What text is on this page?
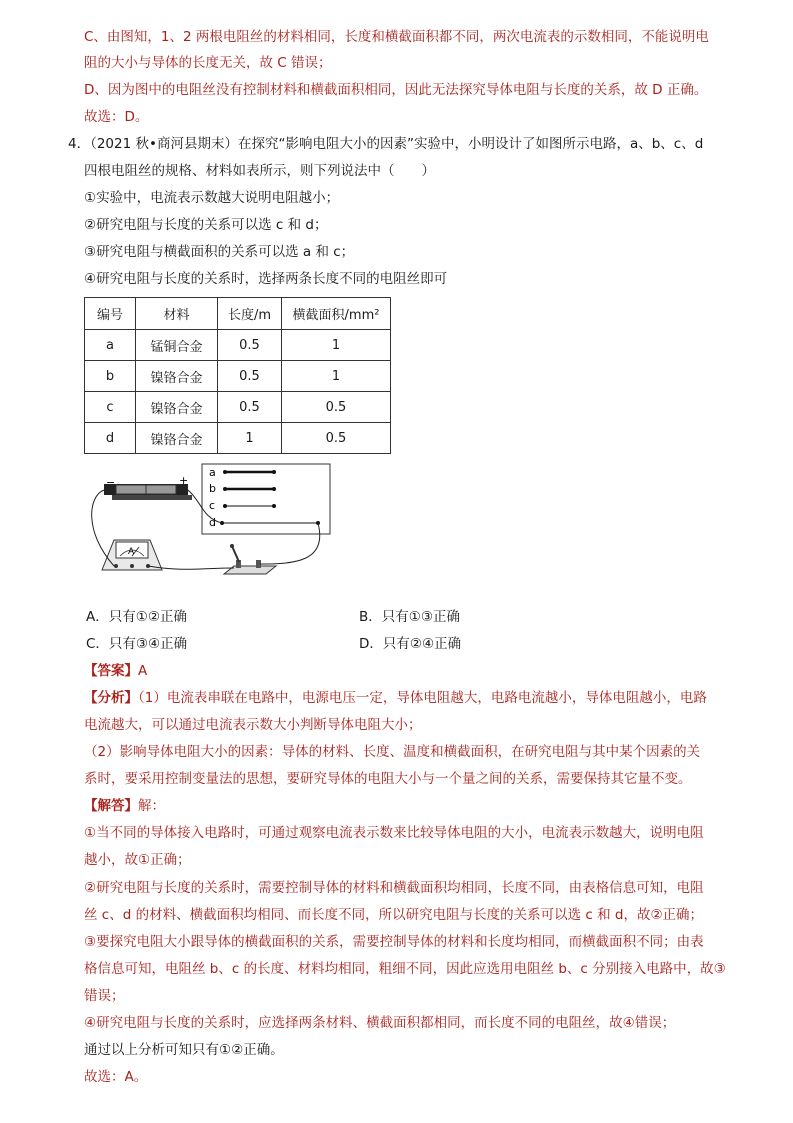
C、由图知，1、2 两根电阻丝的材料相同，长度和横截面积都不同，两次电流表的示数相同，不能说明电
阻的大小与导体的长度无关，故 C 错误；
D、因为图中的电阻丝没有控制材料和横截面积相同，因此无法探究导体电阻与长度的关系，故 D 正确。
故选：D。
4．（2021 秋•商河县期末）在探究“影响电阻大小的因素”实验中，小明设计了如图所示电路，a、b、c、d
四根电阻丝的规格、材料如表所示，则下列说法中（　　）
①实验中，电流表示数越大说明电阻越小；
②研究电阻与长度的关系可以选 c 和 d；
③研究电阻与横截面积的关系可以选 a 和 c；
④研究电阻与长度的关系时，选择两条长度不同的电阻丝即可
编号	材料	长度/m	横截面积/mm²
a	锰铜合金	0.5	1
b	镍铬合金	0.5	1
c	镍铬合金	0.5	0.5
d	镍铬合金	1	0.5
−	+
a
b
c
d
A
A．只有①②正确	B．只有①③正确
C．只有③④正确	D．只有②④正确
【答案】A
【分析】（1）电流表串联在电路中，电源电压一定，导体电阻越大，电路电流越小，导体电阻越小，电路
电流越大，可以通过电流表示数大小判断导体电阻大小；
（2）影响导体电阻大小的因素：导体的材料、长度、温度和横截面积，在研究电阻与其中某个因素的关
系时，要采用控制变量法的思想，要研究导体的电阻大小与一个量之间的关系，需要保持其它量不变。
【解答】解：
①当不同的导体接入电路时，可通过观察电流表示数来比较导体电阻的大小，电流表示数越大，说明电阻
越小，故①正确；
②研究电阻与长度的关系时，需要控制导体的材料和横截面积均相同，长度不同，由表格信息可知，电阻
丝 c、d 的材料、横截面积均相同、而长度不同，所以研究电阻与长度的关系可以选 c 和 d，故②正确；
③要探究电阻大小跟导体的横截面积的关系，需要控制导体的材料和长度均相同，而横截面积不同；由表
格信息可知，电阻丝 b、c 的长度、材料均相同，粗细不同，因此应选用电阻丝 b、c 分别接入电路中，故③
错误；
④研究电阻与长度的关系时，应选择两条材料、横截面积都相同，而长度不同的电阻丝，故④错误；
通过以上分析可知只有①②正确。
故选：A。
